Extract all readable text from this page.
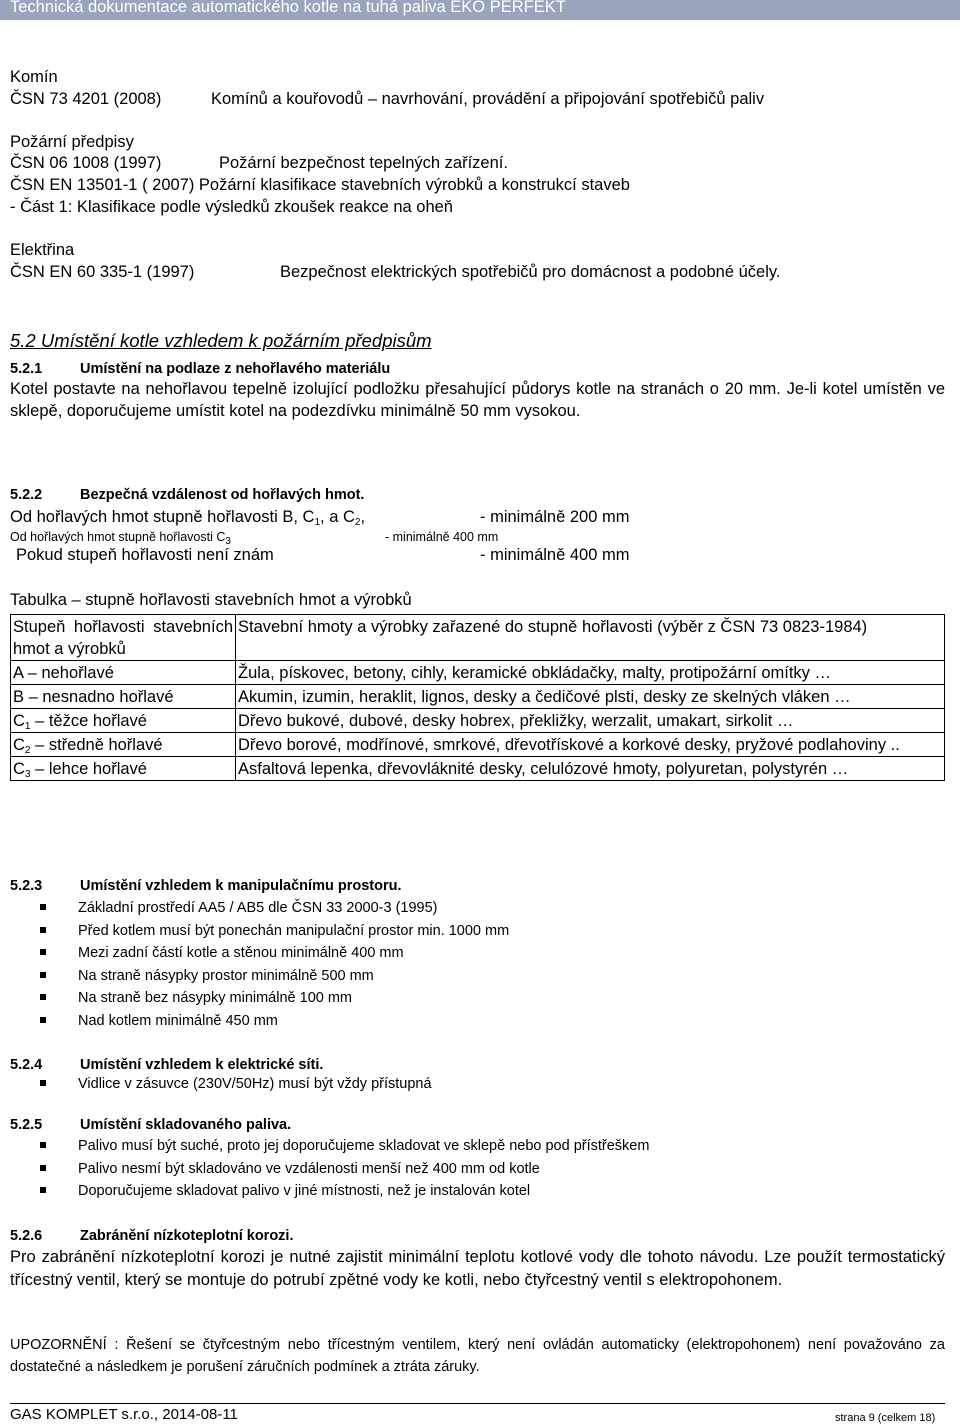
Technická dokumentace automatického kotle na tuhá paliva EKO PERFEKT
Komín
ČSN 73 4201 (2008)	Komínů a kouřovodů – navrhování, provádění a připojování spotřebičů paliv
Požární předpisy
ČSN 06 1008 (1997)	Požární bezpečnost tepelných zařízení.
ČSN EN 13501-1 ( 2007) Požární klasifikace stavebních výrobků a konstrukcí staveb
- Část 1: Klasifikace podle výsledků zkoušek reakce na oheň
Elektřina
ČSN EN 60 335-1 (1997)	Bezpečnost elektrických spotřebičů pro domácnost a podobné účely.
5.2 Umístění kotle vzhledem k požárním předpisům
5.2.1	Umístění na podlaze z nehořlavého materiálu
Kotel postavte na nehořlavou tepelně izolující podložku přesahující půdorys kotle na stranách o 20 mm. Je-li kotel umístěn ve sklepě, doporučujeme umístit kotel na podezdívku minimálně 50 mm vysokou.
5.2.2	Bezpečná vzdálenost od hořlavých hmot.
Od hořlavých hmot stupně hořlavosti B, $C_1$, a $C_2$,	- minimálně 200 mm
Od hořlavých hmot stupně hořlavosti $C_3$	- minimálně 400 mm
Pokud stupeň hořlavosti není znám	- minimálně 400 mm
Tabulka – stupně hořlavosti stavebních hmot a výrobků
Stupeň hořlavosti stavebních hmot a výrobků	Stavební hmoty a výrobky zařazené do stupně hořlavosti (výběr z ČSN 73 0823-1984)
A – nehořlavé	Žula, pískovec, betony, cihly, keramické obkládačky, malty, protipožární omítky …
B – nesnadno hořlavé	Akumin, izumin, heraklit, lignos, desky a čedičové plsti, desky ze skelných vláken …
$C_1$ – těžce hořlavé	Dřevo bukové, dubové, desky hobrex, překližky, werzalit, umakart, sirkolit …
$C_2$ – středně hořlavé	Dřevo borové, modřínové, smrkové, dřevotřískové a korkové desky, pryžové podlahoviny ..
$C_3$ – lehce hořlavé	Asfaltová lepenka, dřevovláknité desky, celulózové hmoty, polyuretan, polystyrén …
5.2.3	Umístění vzhledem k manipulačnímu prostoru.
Základní prostředí AA5 / AB5 dle ČSN 33 2000-3 (1995)
Před kotlem musí být ponechán manipulační prostor min. 1000 mm
Mezi zadní částí kotle a stěnou minimálně 400 mm
Na straně násypky prostor minimálně 500 mm
Na straně bez násypky minimálně 100 mm
Nad kotlem minimálně 450 mm
5.2.4	Umístění vzhledem k elektrické síti.
Vidlice v zásuvce (230V/50Hz) musí být vždy přístupná
5.2.5	Umístění skladovaného paliva.
Palivo musí být suché, proto jej doporučujeme skladovat ve sklepě nebo pod přístřeškem
Palivo nesmí být skladováno ve vzdálenosti menší než 400 mm od kotle
Doporučujeme skladovat palivo v jiné místnosti, než je instalován kotel
5.2.6	Zabránění nízkoteplotní korozi.
Pro zabránění nízkoteplotní korozi je nutné zajistit minimální teplotu kotlové vody dle tohoto návodu. Lze použít termostatický třícestný ventil, který se montuje do potrubí zpětné vody ke kotli, nebo čtyřcestný ventil s elektropohonem.
UPOZORNĚNÍ : Řešení se čtyřcestným nebo třícestným ventilem, který není ovládán automaticky (elektropohonem) není považováno za dostatečné a následkem je porušení záručních podmínek a ztráta záruky.
GAS KOMPLET s.r.o., 2014-08-11	strana 9 (celkem 18)
